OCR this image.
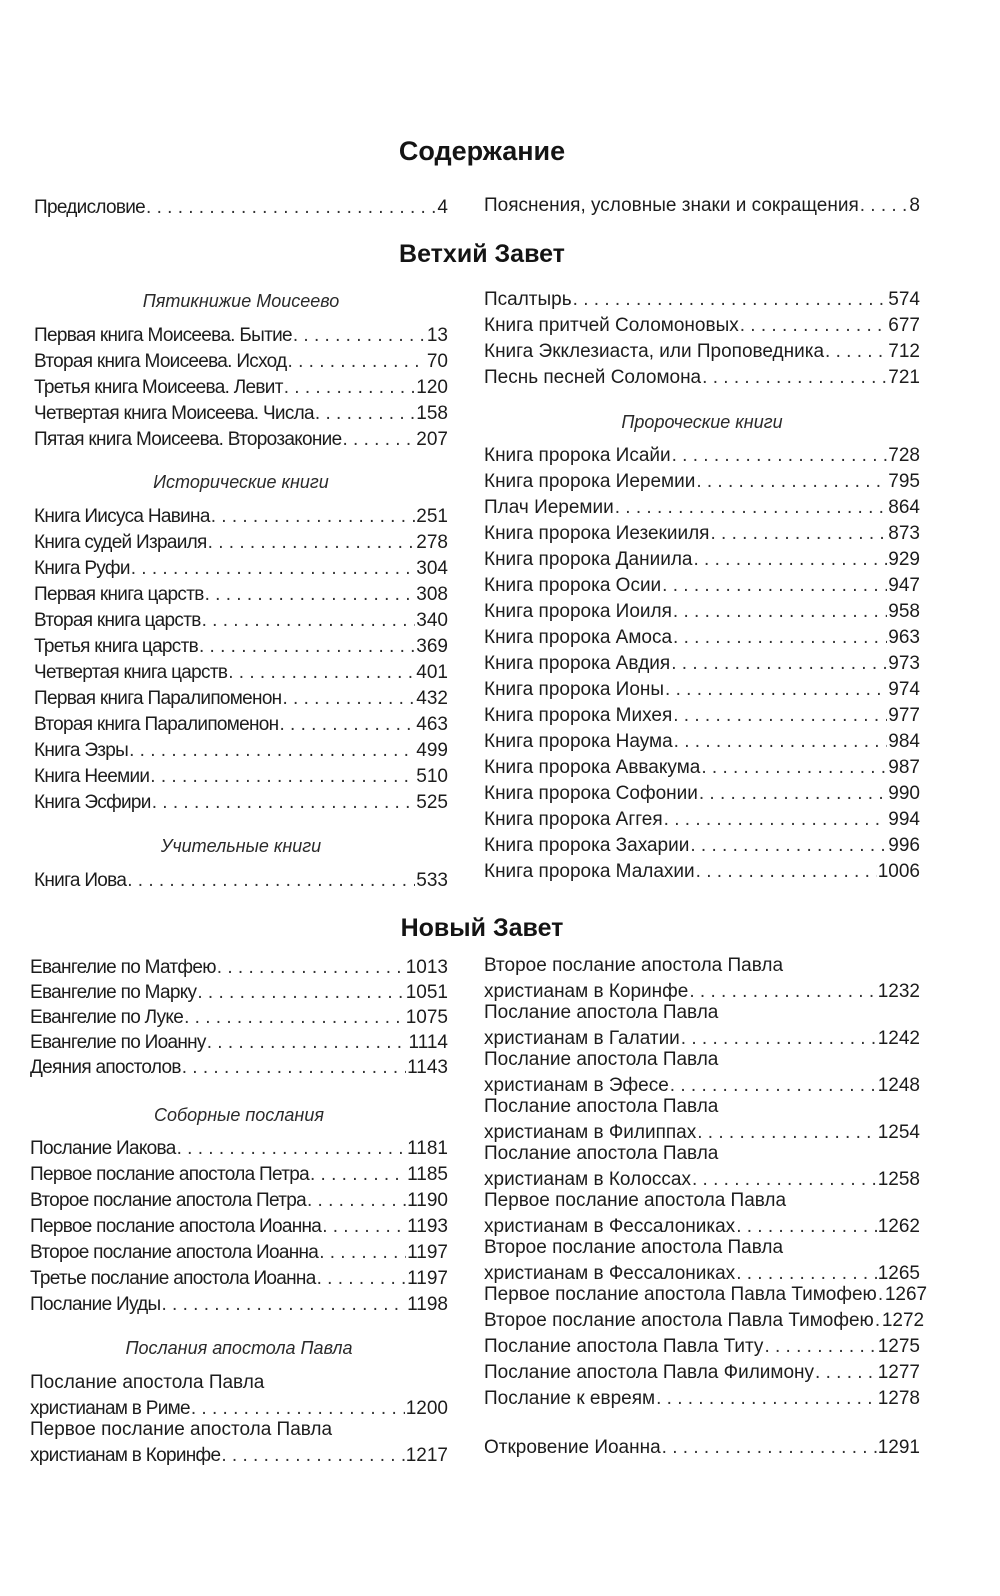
Содержание
Предисловие . . .	4 Пояснения, условные знаки и сокращения . . .	8
Ветхий Завет
Пятикнижие Моисеево
Первая книга Моисеева. Бытие . . .	13
Вторая книга Моисеева. Исход . . .	70
Третья книга Моисеева. Левит . . .	120
Четвертая книга Моисеева. Числа . . .	158
Пятая книга Моисеева. Второзаконие . . .	207
Исторические книги
Книга Иисуса Навина . . .	251
Книга судей Израиля . . .	278
Книга Руфи . . .	304
Первая книга царств . . .	308
Вторая книга царств . . .	340
Третья книга царств . . .	369
Четвертая книга царств . . .	401
Первая книга Паралипоменон . . .	432
Вторая книга Паралипоменон . . .	463
Книга Эзры . . .	499
Книга Неемии . . .	510
Книга Эсфири . . .	525
Учительные книги
Книга Иова . . .	533
Псалтырь . . .	574
Книга притчей Соломоновых . . .	677
Книга Экклезиаста, или Проповедника . . .	712
Песнь песней Соломона . . .	721
Пророческие книги
Книга пророка Исайи . . .	728
Книга пророка Иеремии . . .	795
Плач Иеремии . . .	864
Книга пророка Иезекииля . . .	873
Книга пророка Даниила . . .	929
Книга пророка Осии . . .	947
Книга пророка Иоиля . . .	958
Книга пророка Амоса . . .	963
Книга пророка Авдия . . .	973
Книга пророка Ионы . . .	974
Книга пророка Михея . . .	977
Книга пророка Наума . . .	984
Книга пророка Аввакума . . .	987
Книга пророка Софонии . . .	990
Книга пророка Аггея . . .	994
Книга пророка Захарии . . .	996
Книга пророка Малахии . . .	1006
Новый Завет
Евангелие по Матфею . . .	1013
Евангелие по Марку . . .	1051
Евангелие по Луке . . .	1075
Евангелие по Иоанну . . .	1114
Деяния апостолов . . .	1143
Соборные послания
Послание Иакова . . .	1181
Первое послание апостола Петра . . .	1185
Второе послание апостола Петра . . .	1190
Первое послание апостола Иоанна . . .	1193
Второе послание апостола Иоанна . . .	1197
Третье послание апостола Иоанна . . .	1197
Послание Иуды . . .	1198
Послания апостола Павла
Послание апостола Павла
христианам в Риме . . .	1200
Первое послание апостола Павла
христианам в Коринфе . . .	1217
Второе послание апостола Павла
христианам в Коринфе . . .	1232
Послание апостола Павла
христианам в Галатии . . .	1242
Послание апостола Павла
христианам в Эфесе . . .	1248
Послание апостола Павла
христианам в Филиппах . . .	1254
Послание апостола Павла
христианам в Колоссах . . .	1258
Первое послание апостола Павла
христианам в Фессалониках . . .	1262
Второе послание апостола Павла
христианам в Фессалониках . . .	1265
Первое послание апостола Павла Тимофею . . . 1267
Второе послание апостола Павла Тимофею . . . 1272
Послание апостола Павла Титу . . .	1275
Послание апостола Павла Филимону . . .	1277
Послание к евреям . . .	1278
Откровение Иоанна . . .	1291
